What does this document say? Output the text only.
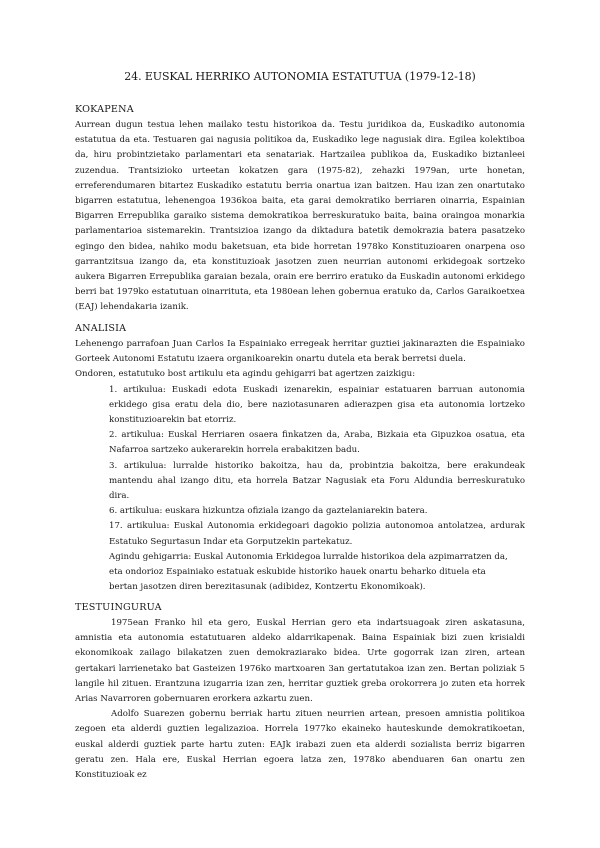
24. EUSKAL HERRIKO AUTONOMIA ESTATUTUA (1979-12-18)
KOKAPENA

Aurrean dugun testua lehen mailako testu historikoa da. Testu juridikoa da, Euskadiko autonomia estatutua da eta. Testuaren gai nagusia politikoa da, Euskadiko lege nagusiak dira. Egilea kolektiboa da, hiru probintzietako parlamentari eta senatariak. Hartzailea publikoa da, Euskadiko biztanleei zuzendua. Trantsizioko urteetan kokatzen gara (1975-82), zehazki 1979an, urte honetan, erreferendumaren bitartez Euskadiko estatutu berria onartua izan baitzen. Hau izan zen onartutako bigarren estatutua, lehenengoa 1936koa baita, eta garai demokratiko berriaren oinarria, Espainian Bigarren Errepublika garaiko sistema demokratikoa berreskuratuko baita, baina oraingoa monarkia parlamentarioa sistemarekin. Trantsizioa izango da diktadura batetik demokrazia batera pasatzeko egingo den bidea, nahiko modu baketsuan, eta bide horretan 1978ko Konstituzioaren onarpena oso garrantzitsua izango da, eta konstituzioak jasotzen zuen neurrian autonomi erkidegoak sortzeko aukera Bigarren Errepublika garaian bezala, orain ere berriro eratuko da Euskadin autonomi erkidego berri bat 1979ko estatutuan oinarrituta, eta 1980ean lehen gobernua eratuko da, Carlos Garaikoetxea (EAJ) lehendakaria izanik.

ANALISIA

Lehenengo parrafoan Juan Carlos Ia Espainiako erregeak herritar guztiei jakinarazten die Espainiako Gorteek Autonomi Estatutu izaera organikoarekin onartu dutela eta berak berretsi duela.

Ondoren, estatutuko bost artikulu eta agindu gehigarri bat agertzen zaizkigu:

1. artikulua: Euskadi edota Euskadi izenarekin, espainiar estatuaren barruan autonomia erkidego gisa eratu dela dio, bere naziotasunaren adierazpen gisa eta autonomia lortzeko konstituzioarekin bat etorriz.

2. artikulua: Euskal Herriaren osaera finkatzen da, Araba, Bizkaia eta Gipuzkoa osatua, eta Nafarroa sartzeko aukerarekin horrela erabakitzen badu.

3. artikulua: lurralde historiko bakoitza, hau da, probintzia bakoitza, bere erakundeak mantendu ahal izango ditu, eta horrela Batzar Nagusiak eta Foru Aldundia berreskuratuko dira.

6. artikulua: euskara hizkuntza ofiziala izango da gaztelaniarekin batera.

17. artikulua: Euskal Autonomia erkidegoari dagokio polizia autonomoa antolatzea, ardurak Estatuko Segurtasun Indar eta Gorputzekin partekatuz.

Agindu gehigarria: Euskal Autonomia Erkidegoa lurralde historikoa dela azpimarratzen da,

eta ondorioz Espainiako estatuak eskubide historiko hauek onartu beharko dituela eta

bertan jasotzen diren berezitasunak (adibidez, Kontzertu Ekonomikoak).

TESTUINGURUA

1975ean Franko hil eta gero, Euskal Herrian gero eta indartsuagoak ziren askatasuna, amnistia eta autonomia estatutuaren aldeko aldarrikapenak. Baina Espainiak bizi zuen krisialdi ekonomikoak zailago bilakatzen zuen demokraziarako bidea. Urte gogorrak izan ziren, artean gertakari larrienetako bat Gasteizen 1976ko martxoaren 3an gertatutakoa izan zen. Bertan poliziak 5 langile hil zituen. Erantzuna izugarria izan zen, herritar guztiek greba orokorrera jo zuten eta horrek Arias Navarroren gobernuaren erorkera azkartu zuen.

Adolfo Suarezen gobernu berriak hartu zituen neurrien artean, presoen amnistia politikoa zegoen eta alderdi guztien legalizazioa. Horrela 1977ko ekaineko hauteskunde demokratikoetan, euskal alderdi guztiek parte hartu zuten: EAJk irabazi zuen eta alderdi sozialista berriz bigarren geratu zen. Hala ere, Euskal Herrian egoera latza zen, 1978ko abenduaren 6an onartu zen Konstituzioak ez
